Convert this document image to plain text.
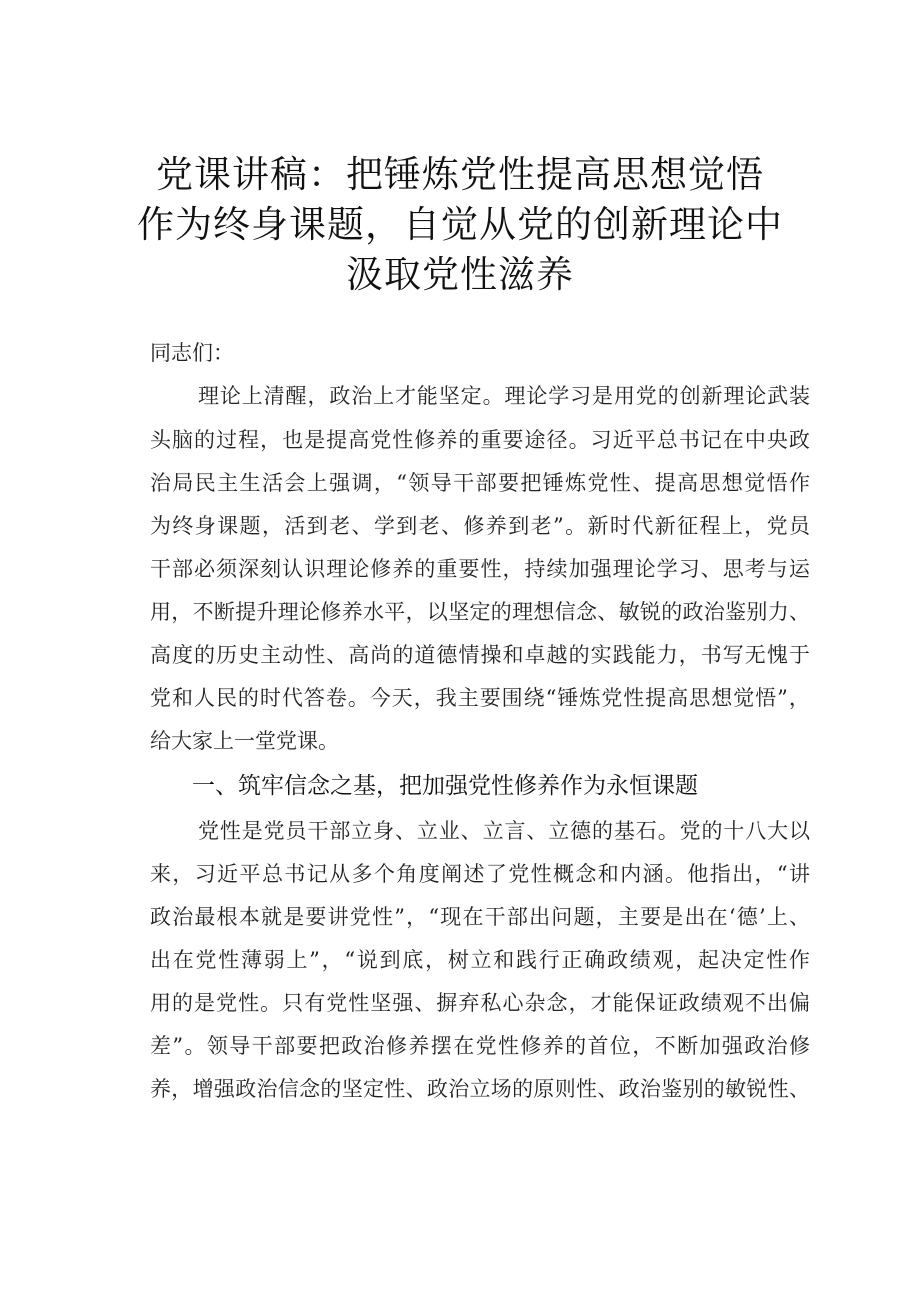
党课讲稿：把锤炼党性提高思想觉悟
作为终身课题，自觉从党的创新理论中
汲取党性滋养
同志们：
理论上清醒，政治上才能坚定。理论学习是用党的创新理论武装
头脑的过程，也是提高党性修养的重要途径。习近平总书记在中央政
治局民主生活会上强调，“领导干部要把锤炼党性、提高思想觉悟作
为终身课题，活到老、学到老、修养到老”。新时代新征程上，党员
干部必须深刻认识理论修养的重要性，持续加强理论学习、思考与运
用，不断提升理论修养水平，以坚定的理想信念、敏锐的政治鉴别力、
高度的历史主动性、高尚的道德情操和卓越的实践能力，书写无愧于
党和人民的时代答卷。今天，我主要围绕“锤炼党性提高思想觉悟”，
给大家上一堂党课。
一、筑牢信念之基，把加强党性修养作为永恒课题
党性是党员干部立身、立业、立言、立德的基石。党的十八大以
来，习近平总书记从多个角度阐述了党性概念和内涵。他指出，“讲
政治最根本就是要讲党性”，“现在干部出问题，主要是出在‘德’上、
出在党性薄弱上”，“说到底，树立和践行正确政绩观，起决定性作
用的是党性。只有党性坚强、摒弃私心杂念，才能保证政绩观不出偏
差”。领导干部要把政治修养摆在党性修养的首位，不断加强政治修
养，增强政治信念的坚定性、政治立场的原则性、政治鉴别的敏锐性、
